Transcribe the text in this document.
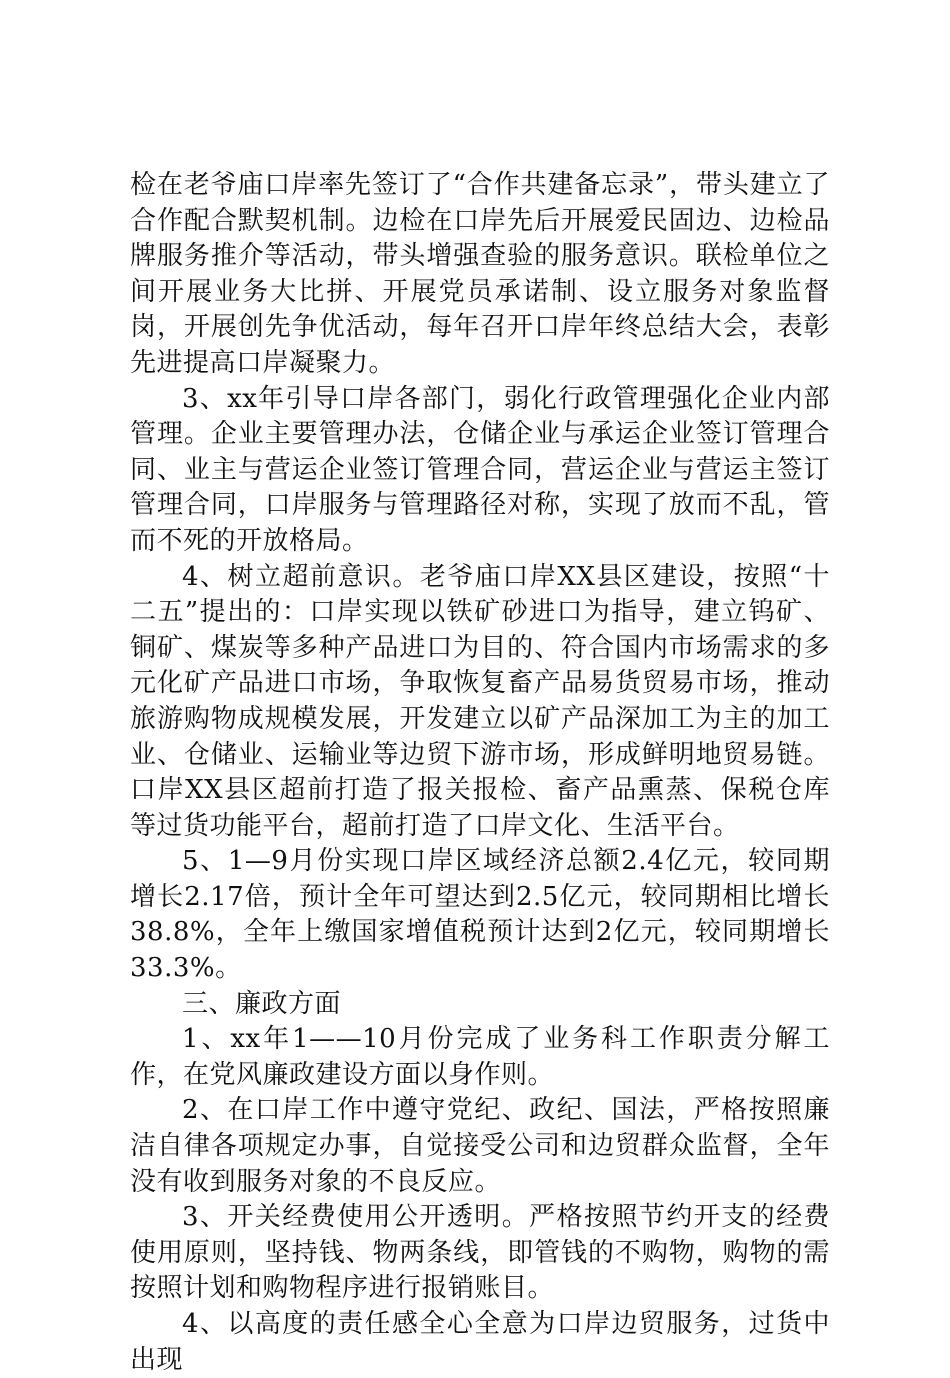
检在老爷庙口岸率先签订了“合作共建备忘录”，带头建立了合作配合默契机制。边检在口岸先后开展爱民固边、边检品牌服务推介等活动，带头增强查验的服务意识。联检单位之间开展业务大比拼、开展党员承诺制、设立服务对象监督岗，开展创先争优活动，每年召开口岸年终总结大会，表彰先进提高口岸凝聚力。

3、xx年引导口岸各部门，弱化行政管理强化企业内部管理。企业主要管理办法，仓储企业与承运企业签订管理合同、业主与营运企业签订管理合同，营运企业与营运主签订管理合同，口岸服务与管理路径对称，实现了放而不乱，管而不死的开放格局。

4、树立超前意识。老爷庙口岸XX县区建设，按照“十二五”提出的：口岸实现以铁矿砂进口为指导，建立钨矿、铜矿、煤炭等多种产品进口为目的、符合国内市场需求的多元化矿产品进口市场，争取恢复畜产品易货贸易市场，推动旅游购物成规模发展，开发建立以矿产品深加工为主的加工业、仓储业、运输业等边贸下游市场，形成鲜明地贸易链。口岸XX县区超前打造了报关报检、畜产品熏蒸、保税仓库等过货功能平台，超前打造了口岸文化、生活平台。

5、1—9月份实现口岸区域经济总额2.4亿元，较同期增长2.17倍，预计全年可望达到2.5亿元，较同期相比增长38.8%，全年上缴国家增值税预计达到2亿元，较同期增长33.3%。

三、廉政方面

1、xx年1——10月份完成了业务科工作职责分解工作，在党风廉政建设方面以身作则。

2、在口岸工作中遵守党纪、政纪、国法，严格按照廉洁自律各项规定办事，自觉接受公司和边贸群众监督，全年没有收到服务对象的不良反应。

3、开关经费使用公开透明。严格按照节约开支的经费使用原则，坚持钱、物两条线，即管钱的不购物，购物的需按照计划和购物程序进行报销账目。

4、以高度的责任感全心全意为口岸边贸服务，过货中出现
